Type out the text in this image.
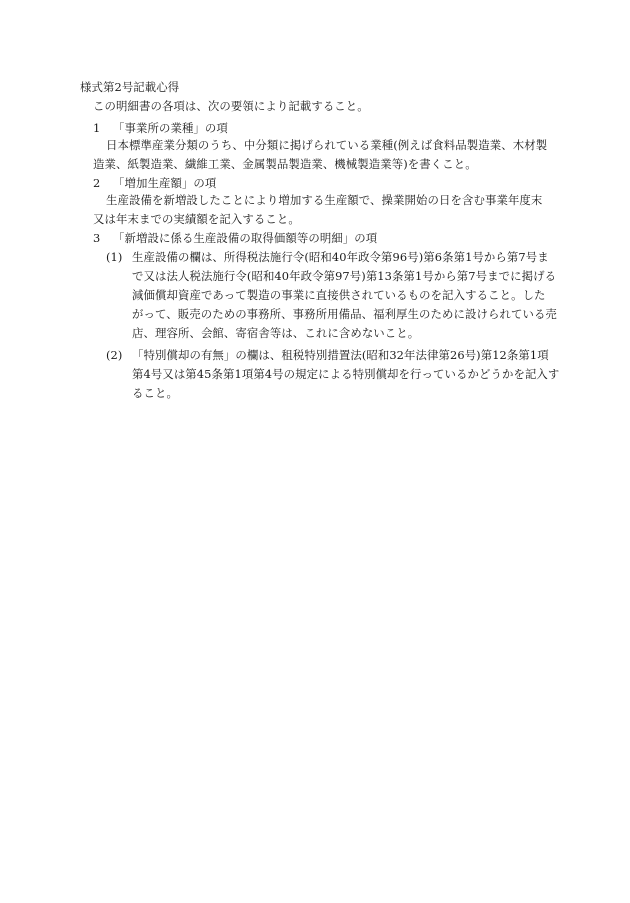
様式第2号記載心得
この明細書の各項は、次の要領により記載すること。
1 「事業所の業種」の項
日本標準産業分類のうち、中分類に掲げられている業種(例えば食料品製造業、木材製
造業、紙製造業、繊維工業、金属製品製造業、機械製造業等)を書くこと。
2 「増加生産額」の項
生産設備を新増設したことにより増加する生産額で、操業開始の日を含む事業年度末
又は年末までの実績額を記入すること。
3 「新増設に係る生産設備の取得価額等の明細」の項
(1) 生産設備の欄は、所得税法施行令(昭和40年政令第96号)第6条第1号から第7号ま
で又は法人税法施行令(昭和40年政令第97号)第13条第1号から第7号までに掲げる
減価償却資産であって製造の事業に直接供されているものを記入すること。した
がって、販売のための事務所、事務所用備品、福利厚生のために設けられている売
店、理容所、会館、寄宿舎等は、これに含めないこと。
(2) 「特別償却の有無」の欄は、租税特別措置法(昭和32年法律第26号)第12条第1項
第4号又は第45条第1項第4号の規定による特別償却を行っているかどうかを記入す
ること。
